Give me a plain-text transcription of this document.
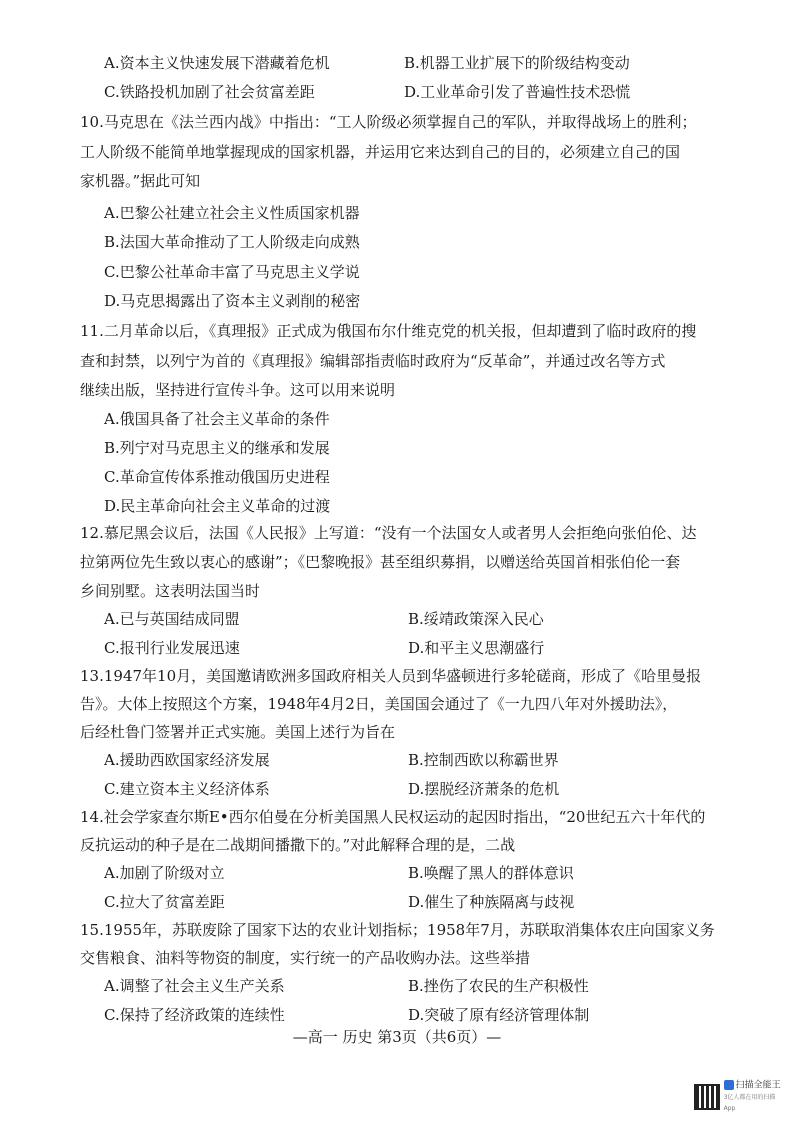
A.资本主义快速发展下潜藏着危机	B.机器工业扩展下的阶级结构变动
C.铁路投机加剧了社会贫富差距	D.工业革命引发了普遍性技术恐慌
10.马克思在《法兰西内战》中指出：“工人阶级必须掌握自己的军队，并取得战场上的胜利；
工人阶级不能简单地掌握现成的国家机器，并运用它来达到自己的目的，必须建立自己的国
家机器。”据此可知
A.巴黎公社建立社会主义性质国家机器
B.法国大革命推动了工人阶级走向成熟
C.巴黎公社革命丰富了马克思主义学说
D.马克思揭露出了资本主义剥削的秘密
11.二月革命以后，《真理报》正式成为俄国布尔什维克党的机关报，但却遭到了临时政府的搜
查和封禁，以列宁为首的《真理报》编辑部指责临时政府为“反革命”，并通过改名等方式
继续出版，坚持进行宣传斗争。这可以用来说明
A.俄国具备了社会主义革命的条件
B.列宁对马克思主义的继承和发展
C.革命宣传体系推动俄国历史进程
D.民主革命向社会主义革命的过渡
12.慕尼黑会议后，法国《人民报》上写道：“没有一个法国女人或者男人会拒绝向张伯伦、达
拉第两位先生致以衷心的感谢”；《巴黎晚报》甚至组织募捐，以赠送给英国首相张伯伦一套
乡间别墅。这表明法国当时
A.已与英国结成同盟	B.绥靖政策深入民心
C.报刊行业发展迅速	D.和平主义思潮盛行
13.1947年10月，美国邀请欧洲多国政府相关人员到华盛顿进行多轮磋商，形成了《哈里曼报
告》。大体上按照这个方案，1948年4月2日，美国国会通过了《一九四八年对外援助法》，
后经杜鲁门签署并正式实施。美国上述行为旨在
A.援助西欧国家经济发展	B.控制西欧以称霸世界
C.建立资本主义经济体系	D.摆脱经济萧条的危机
14.社会学家查尔斯E•西尔伯曼在分析美国黑人民权运动的起因时指出，“20世纪五六十年代的
反抗运动的种子是在二战期间播撒下的。”对此解释合理的是，二战
A.加剧了阶级对立	B.唤醒了黑人的群体意识
C.拉大了贫富差距	D.催生了种族隔离与歧视
15.1955年，苏联废除了国家下达的农业计划指标；1958年7月，苏联取消集体农庄向国家义务
交售粮食、油料等物资的制度，实行统一的产品收购办法。这些举措
A.调整了社会主义生产关系	B.挫伤了农民的生产积极性
C.保持了经济政策的连续性	D.突破了原有经济管理体制
—高一 历史 第3页（共6页）—
扫描全能王
3亿人都在用的扫描App
